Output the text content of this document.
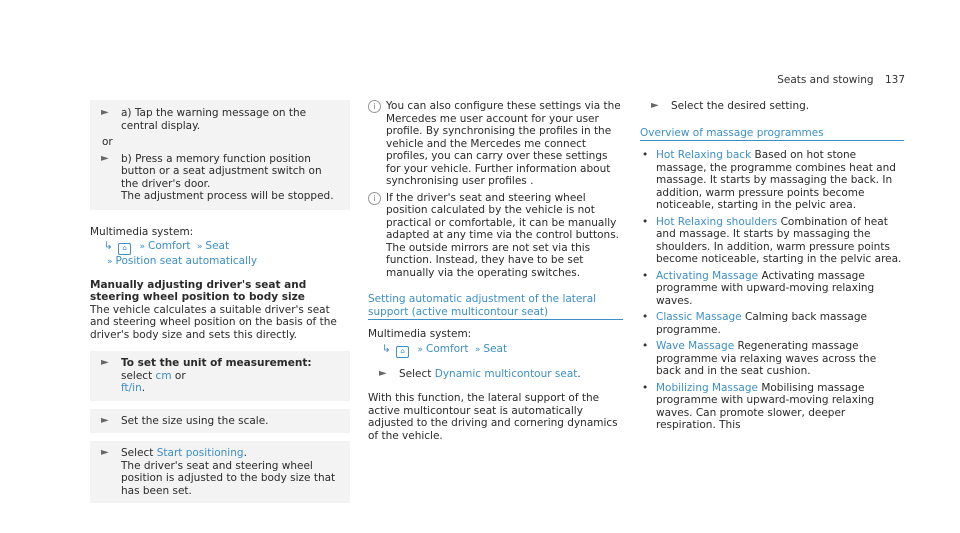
Seats and stowing 137
► a) Tap the warning message on the central display.
or
► b) Press a memory function position button or a seat adjustment switch on the driver's door.
The adjustment process will be stopped.
Multimedia system:
↳ ⌂ » Comfort » Seat
» Position seat automatically
Manually adjusting driver's seat and steering wheel position to body size

The vehicle calculates a suitable driver's seat and steering wheel position on the basis of the driver's body size and sets this directly.

► To set the unit of measurement: select cm or
ft/in.
► Set the size using the scale.
► Select Start positioning.
The driver's seat and steering wheel position is adjusted to the body size that has been set.
i You can also configure these settings via the Mercedes me user account for your user profile. By synchronising the profiles in the vehicle and the Mercedes me connect profiles, you can carry over these settings for your vehicle. Further information about synchronising user profiles .
i If the driver's seat and steering wheel position calculated by the vehicle is not practical or comfortable, it can be manually adapted at any time via the control buttons.
The outside mirrors are not set via this function. Instead, they have to be set manually via the operating switches.
Setting automatic adjustment of the lateral support (active multicontour seat)
Multimedia system:
↳ ⌂ » Comfort » Seat
► Select Dynamic multicontour seat.

With this function, the lateral support of the active multicontour seat is automatically adjusted to the driving and cornering dynamics of the vehicle.

► Select the desired setting.
Overview of massage programmes
• Hot Relaxing back Based on hot stone massage, the programme combines heat and massage. It starts by massaging the back. In addition, warm pressure points become noticeable, starting in the pelvic area.
• Hot Relaxing shoulders Combination of heat and massage. It starts by massaging the shoulders. In addition, warm pressure points become noticeable, starting in the pelvic area.
• Activating Massage Activating massage programme with upward-moving relaxing waves.
• Classic Massage Calming back massage programme.
• Wave Massage Regenerating massage programme via relaxing waves across the back and in the seat cushion.
• Mobilizing Massage Mobilising massage programme with upward-moving relaxing waves. Can promote slower, deeper respiration. This
